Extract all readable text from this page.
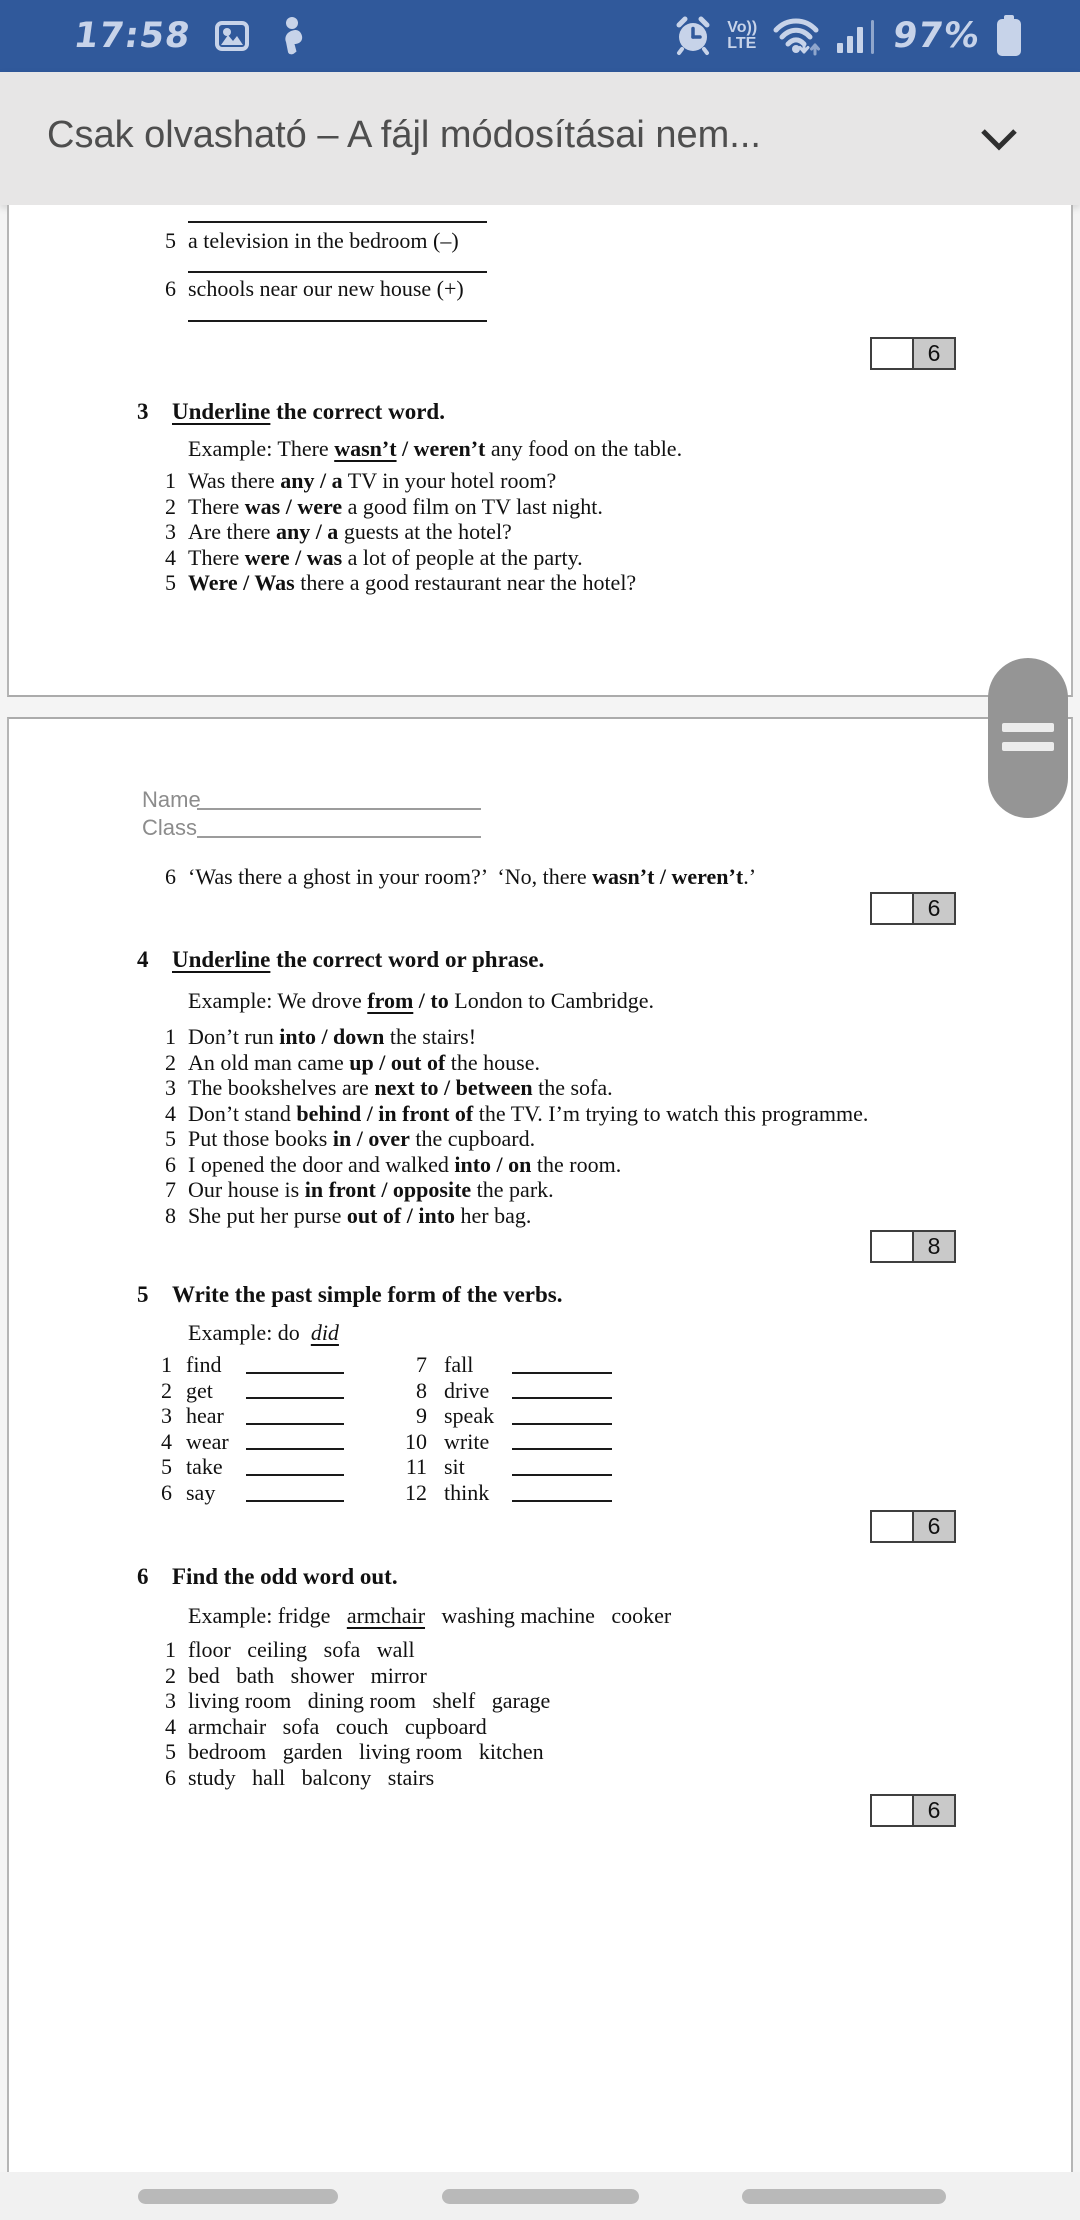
17:58	Vo))
LTE	97%
Csak olvasható – A fájl módosításai nem...
5 a television in the bedroom (–)
6 schools near our new house (+)
6
3	Underline the correct word.
Example: There wasn’t / weren’t any food on the table.
1 Was there any / a TV in your hotel room?
2 There was / were a good film on TV last night.
3 Are there any / a guests at the hotel?
4 There were / was a lot of people at the party.
5 Were / Was there a good restaurant near the hotel?
Name
Class
6 ‘Was there a ghost in your room?’  ‘No, there wasn’t / weren’t.’
6
4	Underline the correct word or phrase.
Example: We drove from / to London to Cambridge.
1 Don’t run into / down the stairs!
2 An old man came up / out of the house.
3 The bookshelves are next to / between the sofa.
4 Don’t stand behind / in front of the TV. I’m trying to watch this programme.
5 Put those books in / over the cupboard.
6 I opened the door and walked into / on the room.
7 Our house is in front / opposite the park.
8 She put her purse out of / into her bag.
8
5	Write the past simple form of the verbs.
Example: do  did
1 find
2 get
3 hear
4 wear
5 take
6 say
7 fall
8 drive
9 speak
10 write
11 sit
12 think
6
6	Find the odd word out.
Example: fridge   armchair   washing machine   cooker
1 floor   ceiling   sofa   wall
2 bed   bath   shower   mirror
3 living room   dining room   shelf   garage
4 armchair   sofa   couch   cupboard
5 bedroom   garden   living room   kitchen
6 study   hall   balcony   stairs
6
